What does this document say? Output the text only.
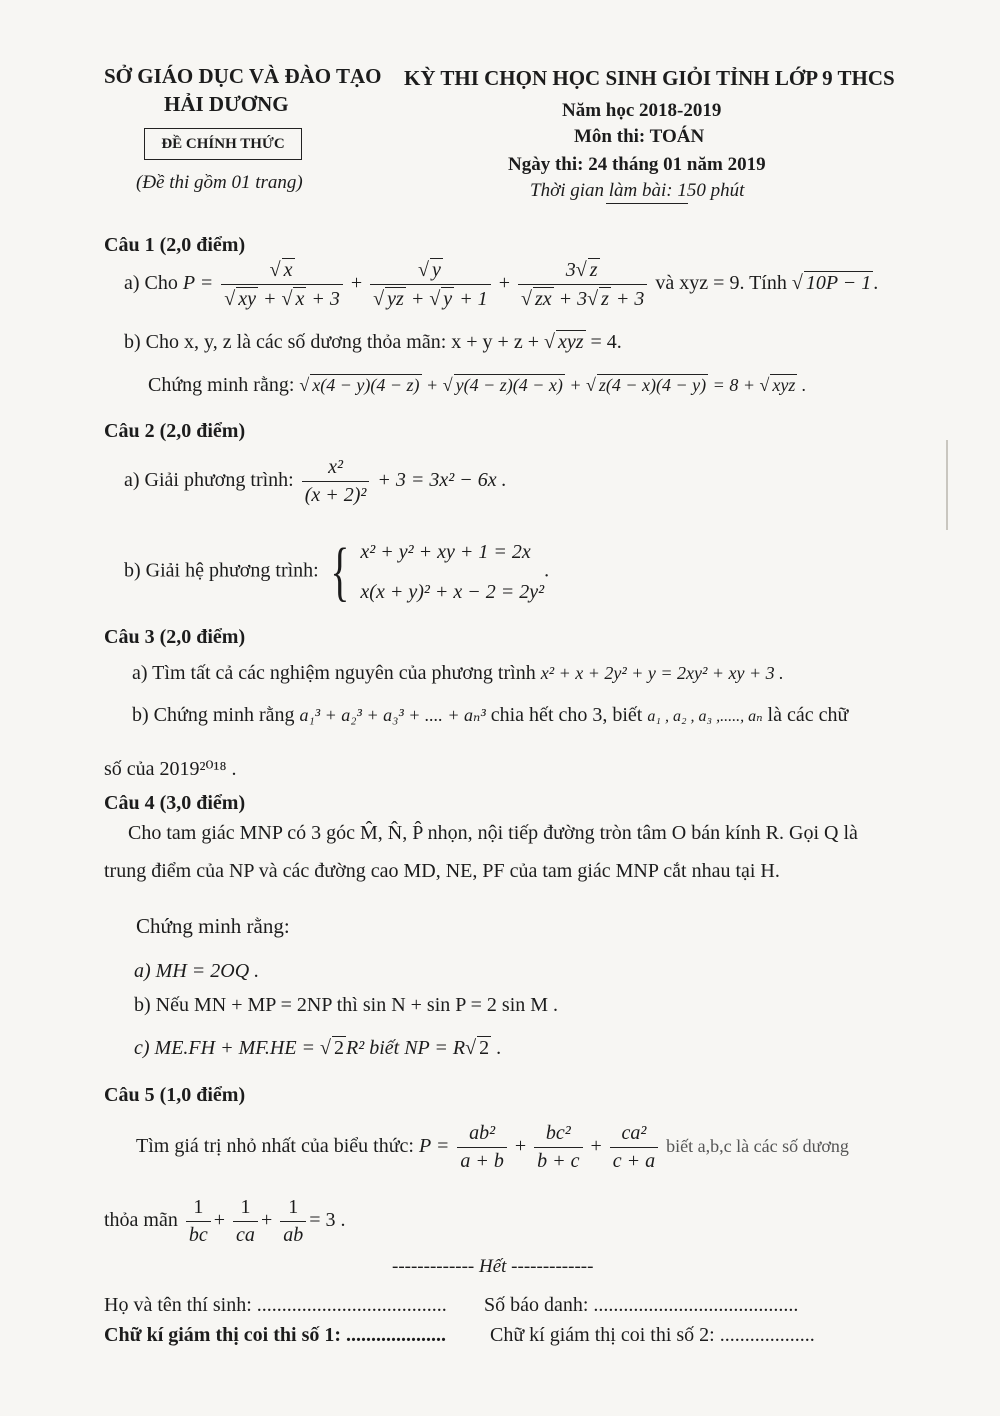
SỞ GIÁO DỤC VÀ ĐÀO TẠO
HẢI DƯƠNG
ĐỀ CHÍNH THỨC
(Đề thi gồm 01 trang)
KỲ THI CHỌN HỌC SINH GIỎI TỈNH LỚP 9 THCS
Năm học 2018-2019
Môn thi: TOÁN
Ngày thi: 24 tháng 01 năm 2019
Thời gian làm bài: 150 phút
Câu 1 (2,0 điểm)
a) Cho $P = \frac{√ x}{√ xy + √ x + 3} + \frac{√ y}{√ yz + √ y + 1} + \frac{3√ z}{√ zx + 3√ z + 3}$ và xyz = 9. Tính √ 10P − 1 .
b) Cho x, y, z là các số dương thỏa mãn: x + y + z + √ xyz = 4.
Chứng minh rằng: √ x(4 − y)(4 − z) + √ y(4 − z)(4 − x) + √ z(4 − x)(4 − y) = 8 + √ xyz .
Câu 2 (2,0 điểm)
a) Giải phương trình: $\frac{\text{x²}}{\text{(x + 2)²}} + 3 = 3x^2 - 6x$ .
b) Giải hệ phương trình: { x² + y² + xy + 1 = 2x
x(x + y)² + x − 2 = 2y²
.
Câu 3 (2,0 điểm)
a) Tìm tất cả các nghiệm nguyên của phương trình x² + x + 2y² + y = 2xy² + xy + 3 .
b) Chứng minh rằng a₁³ + a₂³ + a₃³ + .... + aₙ³ chia hết cho 3, biết a₁ , a₂ , a₃ ,....., aₙ là các chữ
số của 2019²⁰¹⁸ .
Câu 4 (3,0 điểm)
Cho tam giác MNP có 3 góc M̂, N̂, P̂ nhọn, nội tiếp đường tròn tâm O bán kính R. Gọi Q là
trung điểm của NP và các đường cao MD, NE, PF của tam giác MNP cắt nhau tại H.
Chứng minh rằng:
a) MH = 2OQ .
b) Nếu MN + MP = 2NP thì sin N + sin P = 2 sin M .
c) ME.FH + MF.HE = √ 2 R² biết NP = R√ 2 .
Câu 5 (1,0 điểm)
Tìm giá trị nhỏ nhất của biểu thức: $P = \frac{\text{ab²}}{a + b} + \frac{\text{bc²}}{b + c} + \frac{\text{ca²}}{c + a}$ biết a,b,c là các số dương
thỏa mãn $\frac{1}{bc} + \frac{1}{ca} + \frac{1}{ab} = 3$ .
------------- Hết -------------
Họ và tên thí sinh: ...................................... Số báo danh: .........................................
Chữ kí giám thị coi thi số 1: .................... Chữ kí giám thị coi thi số 2: ...................
